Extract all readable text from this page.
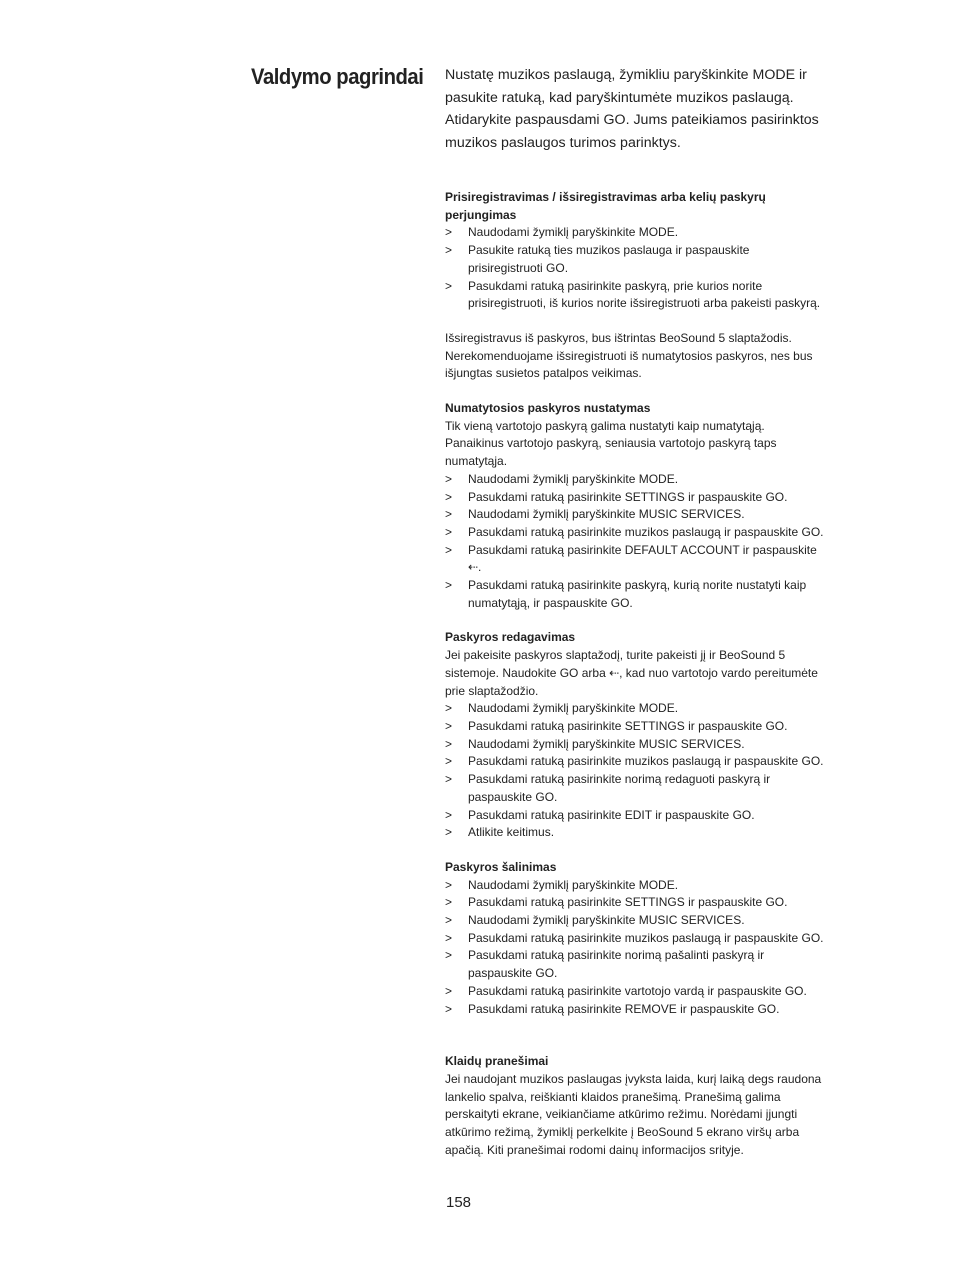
Valdymo pagrindai Nustatę muzikos paslaugą, žymikliu paryškinkite MODE ir pasukite ratuką, kad paryškintumėte muzikos paslaugą. Atidarykite paspausdami GO. Jums pateikiamos pasirinktos muzikos paslaugos turimos parinktys.

Prisiregistravimas / išsiregistravimas arba kelių paskyrų perjungimas

> Naudodami žymiklį paryškinkite MODE.
> Pasukite ratuką ties muzikos paslauga ir paspauskite prisiregistruoti GO.
> Pasukdami ratuką pasirinkite paskyrą, prie kurios norite prisiregistruoti, iš kurios norite išsiregistruoti arba pakeisti paskyrą.

Išsiregistravus iš paskyros, bus ištrintas BeoSound 5 slaptažodis. Nerekomenduojame išsiregistruoti iš numatytosios paskyros, nes bus išjungtas susietos patalpos veikimas.

Numatytosios paskyros nustatymas

Tik vieną vartotojo paskyrą galima nustatyti kaip numatytąją. Panaikinus vartotojo paskyrą, seniausia vartotojo paskyrą taps numatytąja.

> Naudodami žymiklį paryškinkite MODE.
> Pasukdami ratuką pasirinkite SETTINGS ir paspauskite GO.
> Naudodami žymiklį paryškinkite MUSIC SERVICES.
> Pasukdami ratuką pasirinkite muzikos paslaugą ir paspauskite GO.
> Pasukdami ratuką pasirinkite DEFAULT ACCOUNT ir paspauskite ⇠.
> Pasukdami ratuką pasirinkite paskyrą, kurią norite nustatyti kaip numatytąją, ir paspauskite GO.

Paskyros redagavimas

Jei pakeisite paskyros slaptažodį, turite pakeisti jį ir BeoSound 5 sistemoje. Naudokite GO arba ⇠, kad nuo vartotojo vardo pereitumėte prie slaptažodžio.

> Naudodami žymiklį paryškinkite MODE.
> Pasukdami ratuką pasirinkite SETTINGS ir paspauskite GO.
> Naudodami žymiklį paryškinkite MUSIC SERVICES.
> Pasukdami ratuką pasirinkite muzikos paslaugą ir paspauskite GO.
> Pasukdami ratuką pasirinkite norimą redaguoti paskyrą ir paspauskite GO.
> Pasukdami ratuką pasirinkite EDIT ir paspauskite GO.
> Atlikite keitimus.

Paskyros šalinimas

> Naudodami žymiklį paryškinkite MODE.
> Pasukdami ratuką pasirinkite SETTINGS ir paspauskite GO.
> Naudodami žymiklį paryškinkite MUSIC SERVICES.
> Pasukdami ratuką pasirinkite muzikos paslaugą ir paspauskite GO.
> Pasukdami ratuką pasirinkite norimą pašalinti paskyrą ir paspauskite GO.
> Pasukdami ratuką pasirinkite vartotojo vardą ir paspauskite GO.
> Pasukdami ratuką pasirinkite REMOVE ir paspauskite GO.

Klaidų pranešimai

Jei naudojant muzikos paslaugas įvyksta laida, kurį laiką degs raudona lankelio spalva, reiškianti klaidos pranešimą. Pranešimą galima perskaityti ekrane, veikiančiame atkūrimo režimu. Norėdami įjungti atkūrimo režimą, žymiklį perkelkite į BeoSound 5 ekrano viršų arba apačią. Kiti pranešimai rodomi dainų informacijos srityje.

158
